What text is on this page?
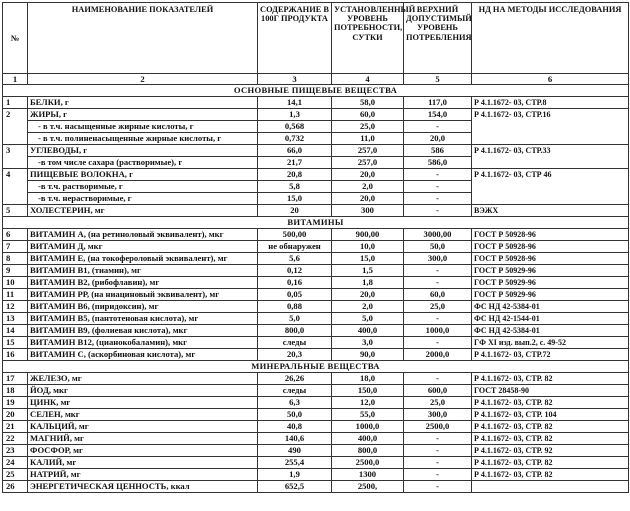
№	НАИМЕНОВАНИЕ ПОКАЗАТЕЛЕЙ	СОДЕРЖАНИЕ В 100Г ПРОДУКТА	УСТАНОВЛЕННЫЙ УРОВЕНЬ ПОТРЕБНОСТИ, СУТКИ	ВЕРХНИЙ ДОПУСТИМЫЙ УРОВЕНЬ ПОТРЕБЛЕНИЯ	НД НА МЕТОДЫ ИССЛЕДОВАНИЯ
1	2	3	4	5	6
ОСНОВНЫЕ ПИЩЕВЫЕ ВЕЩЕСТВА					
1	БЕЛКИ, г	14,1	58,0	117,0	Р 4.1.1672- 03, СТР.8
2	ЖИРЫ, г	1,3	60,0	154,0	Р 4.1.1672- 03, СТР.16
	- в т.ч. насыщенные жирные кислоты, г	0,568	25,0	-	
	- в т.ч. полиненасыщенные жирные кислоты, г	0,732	11,0	20,0	
3	УГЛЕВОДЫ, г	66,0	257,0	586	Р 4.1.1672- 03, СТР.33
	-в том числе сахара (растворимые), г	21,7	257,0	586,0	
4	ПИЩЕВЫЕ ВОЛОКНА, г	20,8	20,0	-	Р 4.1.1672- 03, СТР 46
	-в т.ч. растворимые, г	5,8	2,0	-	
	-в т.ч. нерастворимые, г	15,0	20,0	-	
5	ХОЛЕСТЕРИН, мг	20	300	-	ВЭЖХ
ВИТАМИНЫ					
6	ВИТАМИН А, (на ретиноловый эквивалент), мкг	500,00	900,00	3000,00	ГОСТ Р 50928-96
7	ВИТАМИН Д, мкг	не обнаружен	10,0	50,0	ГОСТ Р 50928-96
8	ВИТАМИН Е, (на токофероловый эквивалент), мг	5,6	15,0	300,0	ГОСТ Р 50928-96
9	ВИТАМИН В1, (тиамин), мг	0,12	1,5	-	ГОСТ Р 50929-96
10	ВИТАМИН В2, (рибофлавин), мг	0,16	1,8	-	ГОСТ Р 50929-96
11	ВИТАМИН РР, (на ниациновый эквивалент), мг	0,05	20,0	60,0	ГОСТ Р 50929-96
12	ВИТАМИН В6, (пиридоксин), мг	0,88	2,0	25,0	ФС НД 42-5384-01
13	ВИТАМИН В5, (пантотеновая кислота), мг	5,0	5,0	-	ФС НД 42-1544-01
14	ВИТАМИН В9, (фолиевая кислота), мкг	800,0	400,0	1000,0	ФС НД 42-5384-01
15	ВИТАМИН В12, (цианокобаламин), мкг	следы	3,0	-	ГФ XI изд. вып.2, с. 49-52
16	ВИТАМИН С, (аскорбиновая кислота), мг	20,3	90,0	2000,0	Р 4.1.1672- 03, СТР.72
МИНЕРАЛЬНЫЕ ВЕЩЕСТВА					
17	ЖЕЛЕЗО, мг	26,26	18,0	-	Р 4.1.1672- 03, СТР. 82
18	ЙОД, мкг	следы	150,0	600,0	ГОСТ 28458-90
19	ЦИНК, мг	6,3	12,0	25,0	Р 4.1.1672- 03, СТР. 82
20	СЕЛЕН, мкг	50,0	55,0	300,0	Р 4.1.1672- 03, СТР. 104
21	КАЛЬЦИЙ, мг	40,8	1000,0	2500,0	Р 4.1.1672- 03, СТР. 82
22	МАГНИЙ, мг	140,6	400,0	-	Р 4.1.1672- 03, СТР. 82
23	ФОСФОР, мг	490	800,0	-	Р 4.1.1672- 03, СТР. 92
24	КАЛИЙ, мг	255,4	2500,0	-	Р 4.1.1672- 03, СТР. 82
25	НАТРИЙ, мг	1,9	1300	-	Р 4.1.1672- 03, СТР. 82
26	ЭНЕРГЕТИЧЕСКАЯ ЦЕННОСТЬ, ккал	652,5	2500,	-	
